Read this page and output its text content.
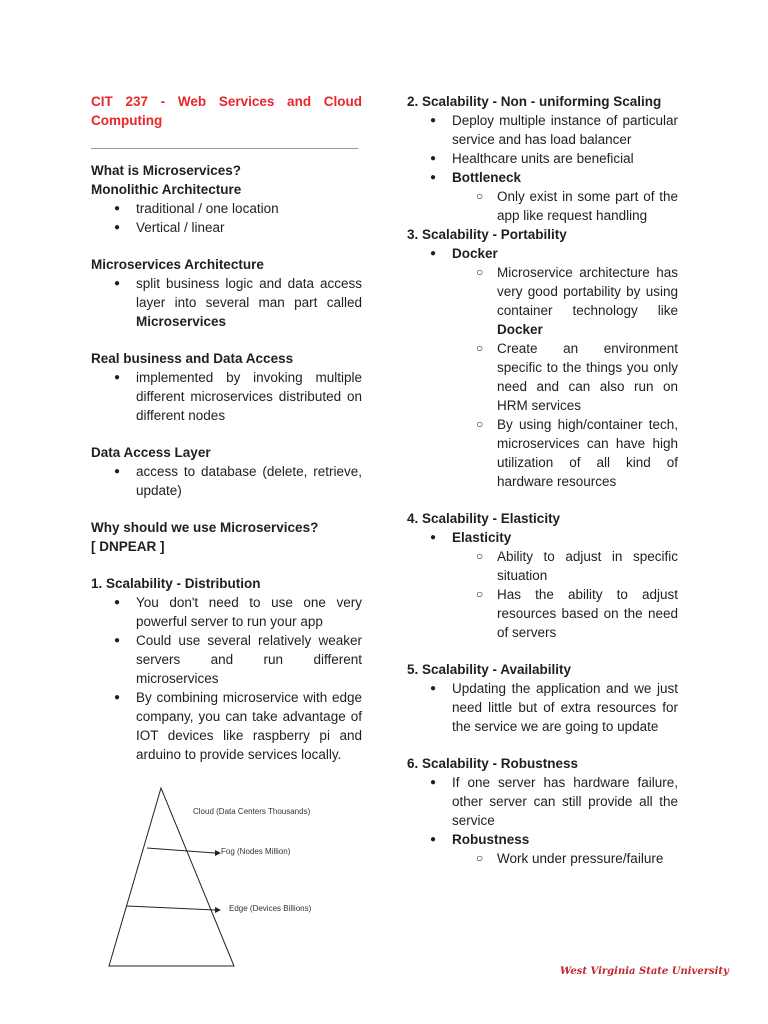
CIT 237 - Web Services and Cloud Computing

What is Microservices?

Monolithic Architecture

● traditional / one location
● Vertical / linear

Microservices Architecture

● split business logic and data access layer into several man part called Microservices

Real business and Data Access

● implemented by invoking multiple different microservices distributed on different nodes

Data Access Layer

● access to database (delete, retrieve, update)

Why should we use Microservices?

[ DNPEAR ]

1. Scalability - Distribution

● You don't need to use one very powerful server to run your app
● Could use several relatively weaker servers and run different microservices
● By combining microservice with edge company, you can take advantage of IOT devices like raspberry pi and arduino to provide services locally.
Cloud (Data Centers Thousands)
Fog (Nodes Million)
Edge (Devices Billions)

2. Scalability - Non - uniforming Scaling

● Deploy multiple instance of particular service and has load balancer
● Healthcare units are beneficial
● Bottleneck
○ Only exist in some part of the app like request handling

3. Scalability - Portability

● Docker
○ Microservice architecture has very good portability by using container technology like Docker
○ Create an environment specific to the things you only need and can also run on HRM services
○ By using high/container tech, microservices can have high utilization of all kind of hardware resources

4. Scalability - Elasticity

● Elasticity
○ Ability to adjust in specific situation
○ Has the ability to adjust resources based on the need of servers

5. Scalability - Availability

● Updating the application and we just need little but of extra resources for the service we are going to update

6. Scalability - Robustness

● If one server has hardware failure, other server can still provide all the service
● Robustness
○ Work under pressure/failure
West Virginia State University
